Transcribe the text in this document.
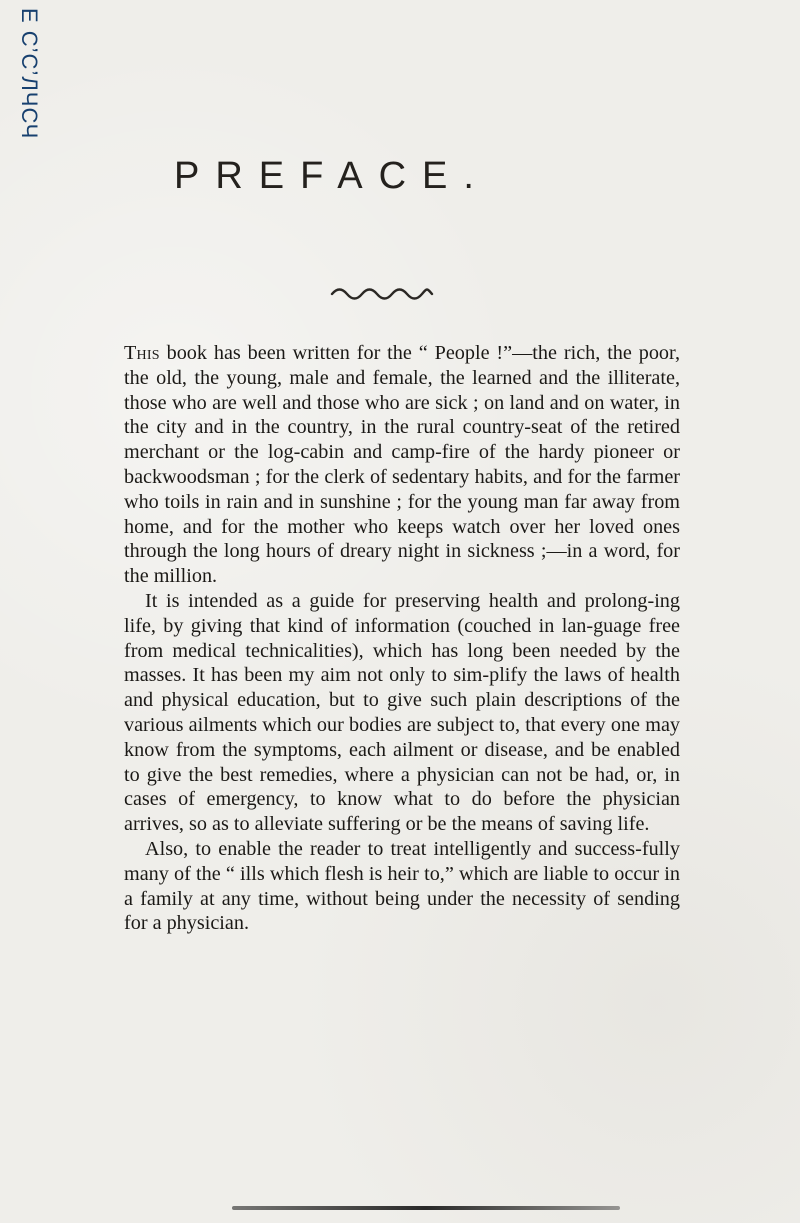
Е С’С’ЛЧСЧ
PREFACE.

This book has been written for the “ People !”—the rich, the poor, the old, the young, male and female, the learned and the illiterate, those who are well and those who are sick ; on land and on water, in the city and in the country, in the rural country-seat of the retired merchant or the log-cabin and camp-fire of the hardy pioneer or backwoodsman ; for the clerk of sedentary habits, and for the farmer who toils in rain and in sunshine ; for the young man far away from home, and for the mother who keeps watch over her loved ones through the long hours of dreary night in sickness ;—in a word, for the million.

It is intended as a guide for preserving health and prolong-ing life, by giving that kind of information (couched in lan-guage free from medical technicalities), which has long been needed by the masses. It has been my aim not only to sim-plify the laws of health and physical education, but to give such plain descriptions of the various ailments which our bodies are subject to, that every one may know from the symptoms, each ailment or disease, and be enabled to give the best remedies, where a physician can not be had, or, in cases of emergency, to know what to do before the physician arrives, so as to alleviate suffering or be the means of saving life.

Also, to enable the reader to treat intelligently and success-fully many of the “ ills which flesh is heir to,” which are liable to occur in a family at any time, without being under the necessity of sending for a physician.
